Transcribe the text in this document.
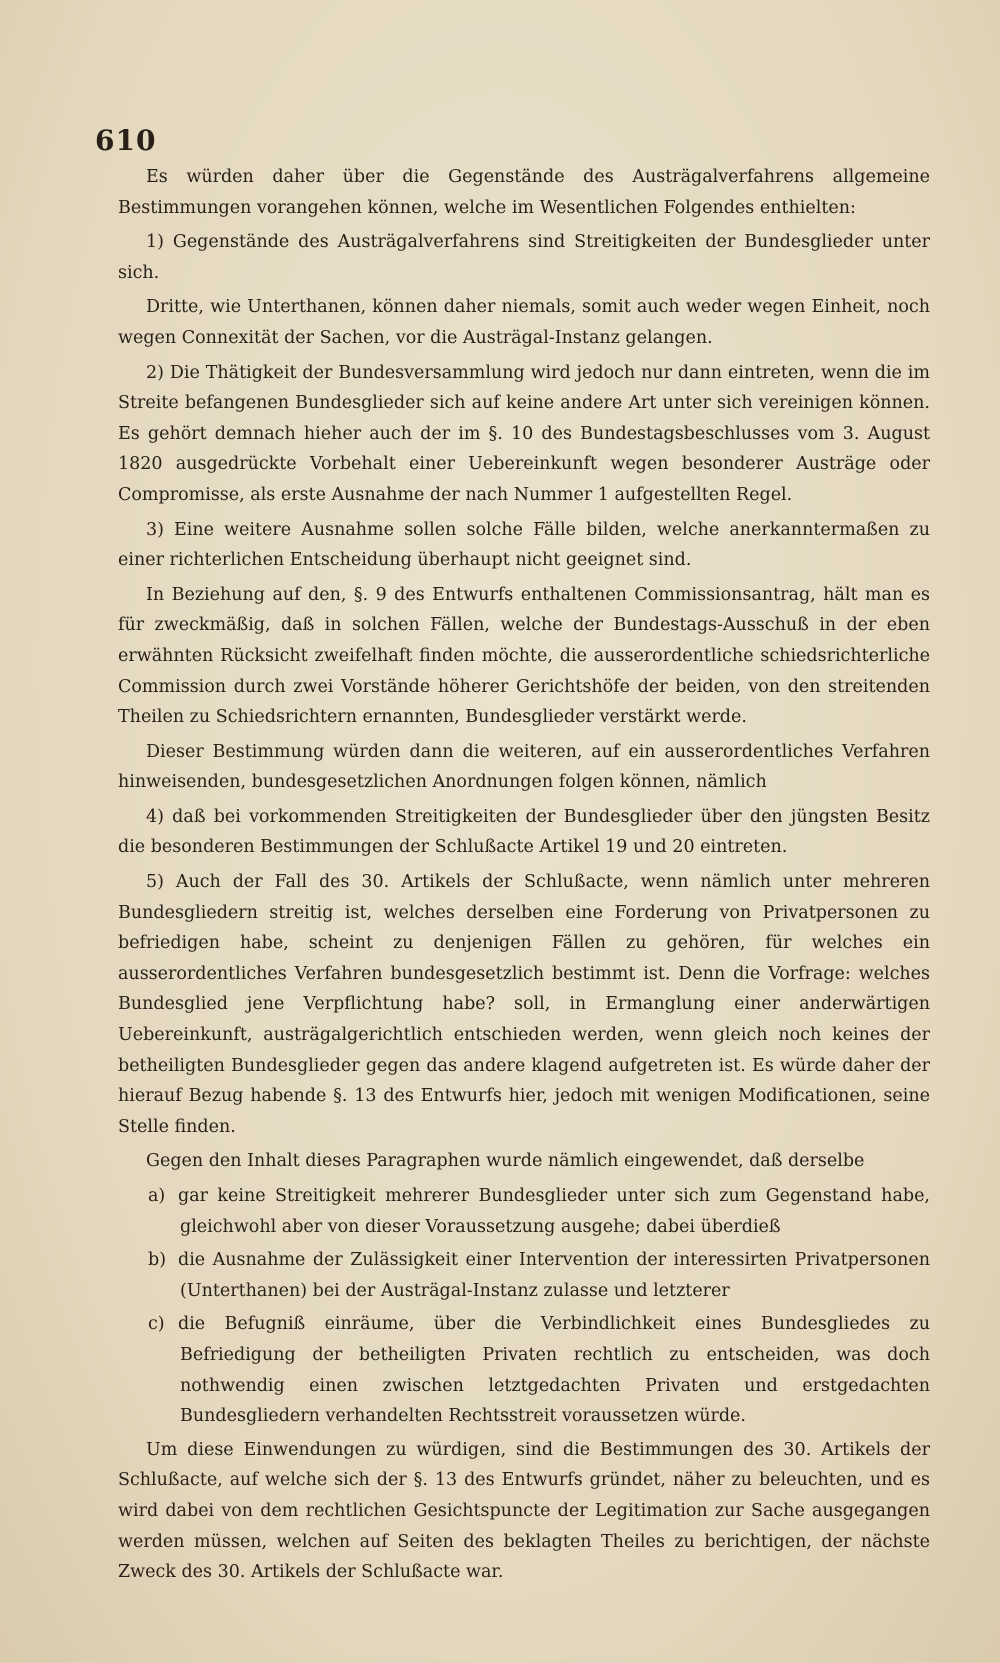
610
Es würden daher über die Gegenstände des Austrägalverfahrens allgemeine Bestimmungen vorangehen können, welche im Wesentlichen Folgendes enthielten:
1) Gegenstände des Austrägalverfahrens sind Streitigkeiten der Bundesglieder unter sich.
Dritte, wie Unterthanen, können daher niemals, somit auch weder wegen Einheit, noch wegen Connexität der Sachen, vor die Austrägal-Instanz gelangen.
2) Die Thätigkeit der Bundesversammlung wird jedoch nur dann eintreten, wenn die im Streite befangenen Bundesglieder sich auf keine andere Art unter sich vereinigen können. Es gehört demnach hieher auch der im §. 10 des Bundestagsbeschlusses vom 3. August 1820 ausgedrückte Vorbehalt einer Uebereinkunft wegen besonderer Austräge oder Compromisse, als erste Ausnahme der nach Nummer 1 aufgestellten Regel.
3) Eine weitere Ausnahme sollen solche Fälle bilden, welche anerkanntermaßen zu einer richterlichen Entscheidung überhaupt nicht geeignet sind.
In Beziehung auf den, §. 9 des Entwurfs enthaltenen Commissionsantrag, hält man es für zweckmäßig, daß in solchen Fällen, welche der Bundestags-Ausschuß in der eben erwähnten Rücksicht zweifelhaft finden möchte, die ausserordentliche schiedsrichterliche Commission durch zwei Vorstände höherer Gerichtshöfe der beiden, von den streitenden Theilen zu Schiedsrichtern ernannten, Bundesglieder verstärkt werde.
Dieser Bestimmung würden dann die weiteren, auf ein ausserordentliches Verfahren hinweisenden, bundesgesetzlichen Anordnungen folgen können, nämlich
4) daß bei vorkommenden Streitigkeiten der Bundesglieder über den jüngsten Besitz die besonderen Bestimmungen der Schlußacte Artikel 19 und 20 eintreten.
5) Auch der Fall des 30. Artikels der Schlußacte, wenn nämlich unter mehreren Bundesgliedern streitig ist, welches derselben eine Forderung von Privatpersonen zu befriedigen habe, scheint zu denjenigen Fällen zu gehören, für welches ein ausserordentliches Verfahren bundesgesetzlich bestimmt ist. Denn die Vorfrage: welches Bundesglied jene Verpflichtung habe? soll, in Ermanglung einer anderwärtigen Uebereinkunft, austrägalgerichtlich entschieden werden, wenn gleich noch keines der betheiligten Bundesglieder gegen das andere klagend aufgetreten ist. Es würde daher der hierauf Bezug habende §. 13 des Entwurfs hier, jedoch mit wenigen Modificationen, seine Stelle finden.
Gegen den Inhalt dieses Paragraphen wurde nämlich eingewendet, daß derselbe
a) gar keine Streitigkeit mehrerer Bundesglieder unter sich zum Gegenstand habe, gleichwohl aber von dieser Voraussetzung ausgehe; dabei überdieß
b) die Ausnahme der Zulässigkeit einer Intervention der interessirten Privatpersonen (Unterthanen) bei der Austrägal-Instanz zulasse und letzterer
c) die Befugniß einräume, über die Verbindlichkeit eines Bundesgliedes zu Befriedigung der betheiligten Privaten rechtlich zu entscheiden, was doch nothwendig einen zwischen letztgedachten Privaten und erstgedachten Bundesgliedern verhandelten Rechtsstreit voraussetzen würde.
Um diese Einwendungen zu würdigen, sind die Bestimmungen des 30. Artikels der Schlußacte, auf welche sich der §. 13 des Entwurfs gründet, näher zu beleuchten, und es wird dabei von dem rechtlichen Gesichtspuncte der Legitimation zur Sache ausgegangen werden müssen, welchen auf Seiten des beklagten Theiles zu berichtigen, der nächste Zweck des 30. Artikels der Schlußacte war.
